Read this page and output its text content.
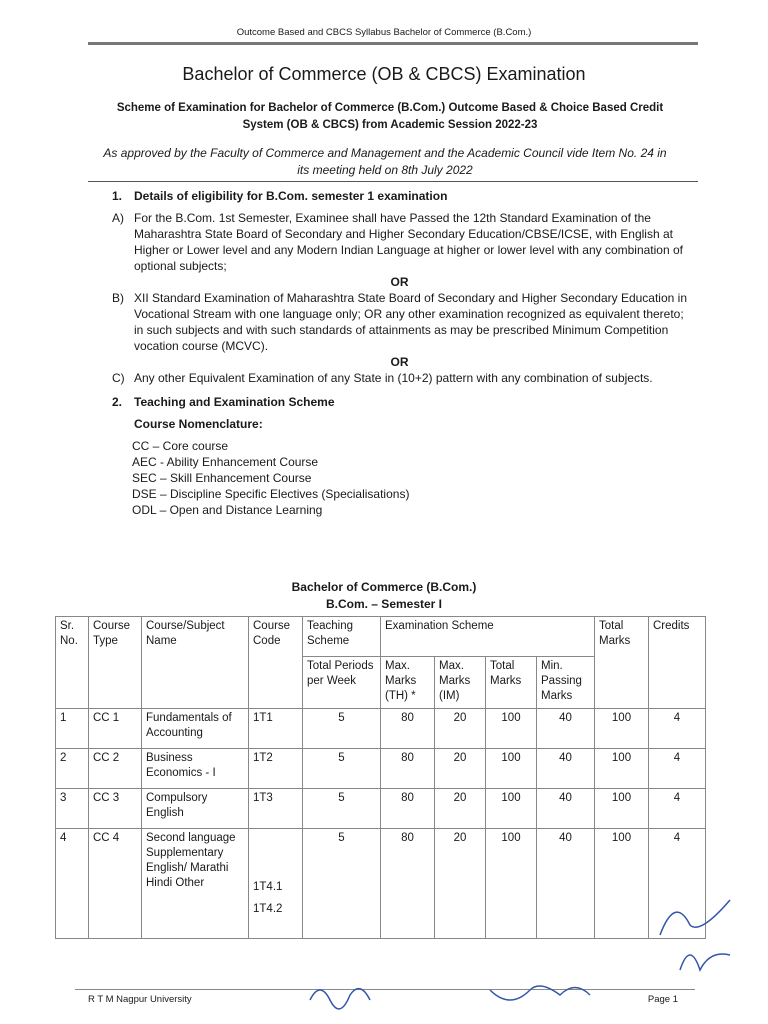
Outcome Based and CBCS Syllabus Bachelor of Commerce (B.Com.)
Bachelor of Commerce (OB & CBCS) Examination
Scheme of Examination for Bachelor of Commerce (B.Com.) Outcome Based & Choice Based Credit System (OB & CBCS) from Academic Session 2022-23
As approved by the Faculty of Commerce and Management and the Academic Council vide Item No. 24 in its meeting held on 8th July 2022
1. Details of eligibility for B.Com. semester 1 examination
A) For the B.Com. 1st Semester, Examinee shall have Passed the 12th Standard Examination of the Maharashtra State Board of Secondary and Higher Secondary Education/CBSE/ICSE, with English at Higher or Lower level and any Modern Indian Language at higher or lower level with any combination of optional subjects;
OR
B) XII Standard Examination of Maharashtra State Board of Secondary and Higher Secondary Education in Vocational Stream with one language only; OR any other examination recognized as equivalent thereto; in such subjects and with such standards of attainments as may be prescribed Minimum Competition vocation course (MCVC).
OR
C) Any other Equivalent Examination of any State in (10+2) pattern with any combination of subjects.
2. Teaching and Examination Scheme
Course Nomenclature:
CC – Core course
AEC - Ability Enhancement Course
SEC – Skill Enhancement Course
DSE – Discipline Specific Electives (Specialisations)
ODL – Open and Distance Learning
Bachelor of Commerce (B.Com.)
B.Com. – Semester I
Sr. No.	Course Type	Course/Subject Name	Course Code	Teaching Scheme	Examination Scheme				Total Marks	Credits
				Total Periods per Week	Max. Marks (TH) *	Max. Marks (IM)	Total Marks	Min. Passing Marks		
1	CC 1	Fundamentals of Accounting	1T1	5	80	20	100	40	100	4
2	CC 2	Business Economics - I	1T2	5	80	20	100	40	100	4
3	CC 3	Compulsory English	1T3	5	80	20	100	40	100	4
4	CC 4	Second language Supplementary English/ Marathi Hindi Other	1T4.1 1T4.2	5	80	20	100	40	100	4
R T M Nagpur University	Page 1
